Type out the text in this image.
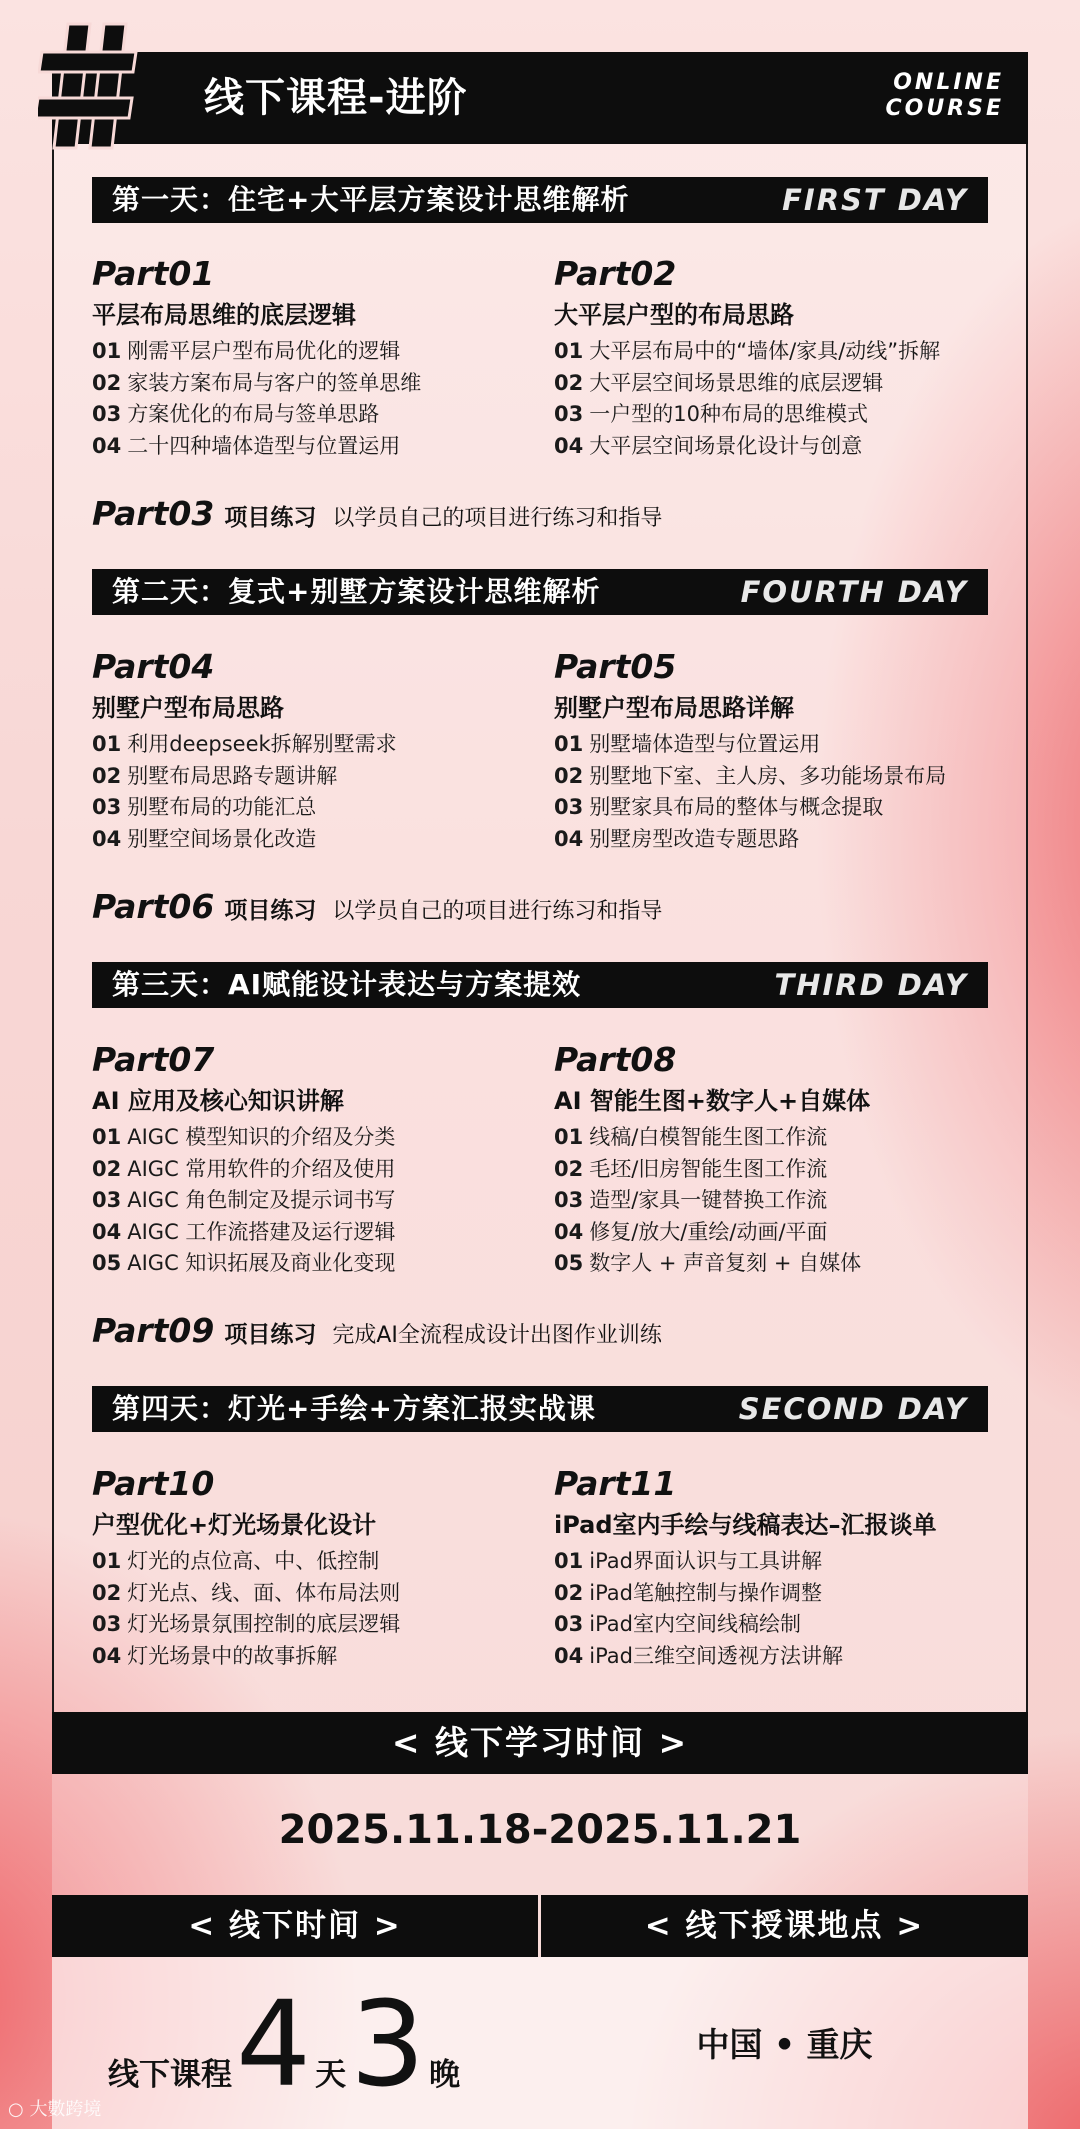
线下课程-进阶	ONLINE
COURSE
第一天：住宅+大平层方案设计思维解析	FIRST DAY
Part01
平层布局思维的底层逻辑
01 刚需平层户型布局优化的逻辑
02 家装方案布局与客户的签单思维
03 方案优化的布局与签单思路
04 二十四种墙体造型与位置运用
Part02
大平层户型的布局思路
01 大平层布局中的“墙体/家具/动线”拆解
02 大平层空间场景思维的底层逻辑
03 一户型的10种布局的思维模式
04 大平层空间场景化设计与创意
Part03 项目练习 以学员自己的项目进行练习和指导
第二天：复式+别墅方案设计思维解析	FOURTH DAY
Part04
别墅户型布局思路
01 利用deepseek拆解别墅需求
02 别墅布局思路专题讲解
03 别墅布局的功能汇总
04 别墅空间场景化改造
Part05
别墅户型布局思路详解
01 别墅墙体造型与位置运用
02 别墅地下室、主人房、多功能场景布局
03 别墅家具布局的整体与概念提取
04 别墅房型改造专题思路
Part06 项目练习 以学员自己的项目进行练习和指导
第三天：AI赋能设计表达与方案提效	THIRD DAY
Part07
AI 应用及核心知识讲解
01 AIGC 模型知识的介绍及分类
02 AIGC 常用软件的介绍及使用
03 AIGC 角色制定及提示词书写
04 AIGC 工作流搭建及运行逻辑
05 AIGC 知识拓展及商业化变现
Part08
AI 智能生图+数字人+自媒体
01 线稿/白模智能生图工作流
02 毛坯/旧房智能生图工作流
03 造型/家具一键替换工作流
04 修复/放大/重绘/动画/平面
05 数字人 + 声音复刻 + 自媒体
Part09 项目练习 完成AI全流程成设计出图作业训练
第四天：灯光+手绘+方案汇报实战课	SECOND DAY
Part10
户型优化+灯光场景化设计
01 灯光的点位高、中、低控制
02 灯光点、线、面、体布局法则
03 灯光场景氛围控制的底层逻辑
04 灯光场景中的故事拆解
Part11
iPad室内手绘与线稿表达–汇报谈单
01 iPad界面认识与工具讲解
02 iPad笔触控制与操作调整
03 iPad室内空间线稿绘制
04 iPad三维空间透视方法讲解
< 线下学习时间 >
2025.11.18-2025.11.21
< 线下时间 >	< 线下授课地点 >
线下课程4 天3 晚
中国 • 重庆
○ 大數跨境
